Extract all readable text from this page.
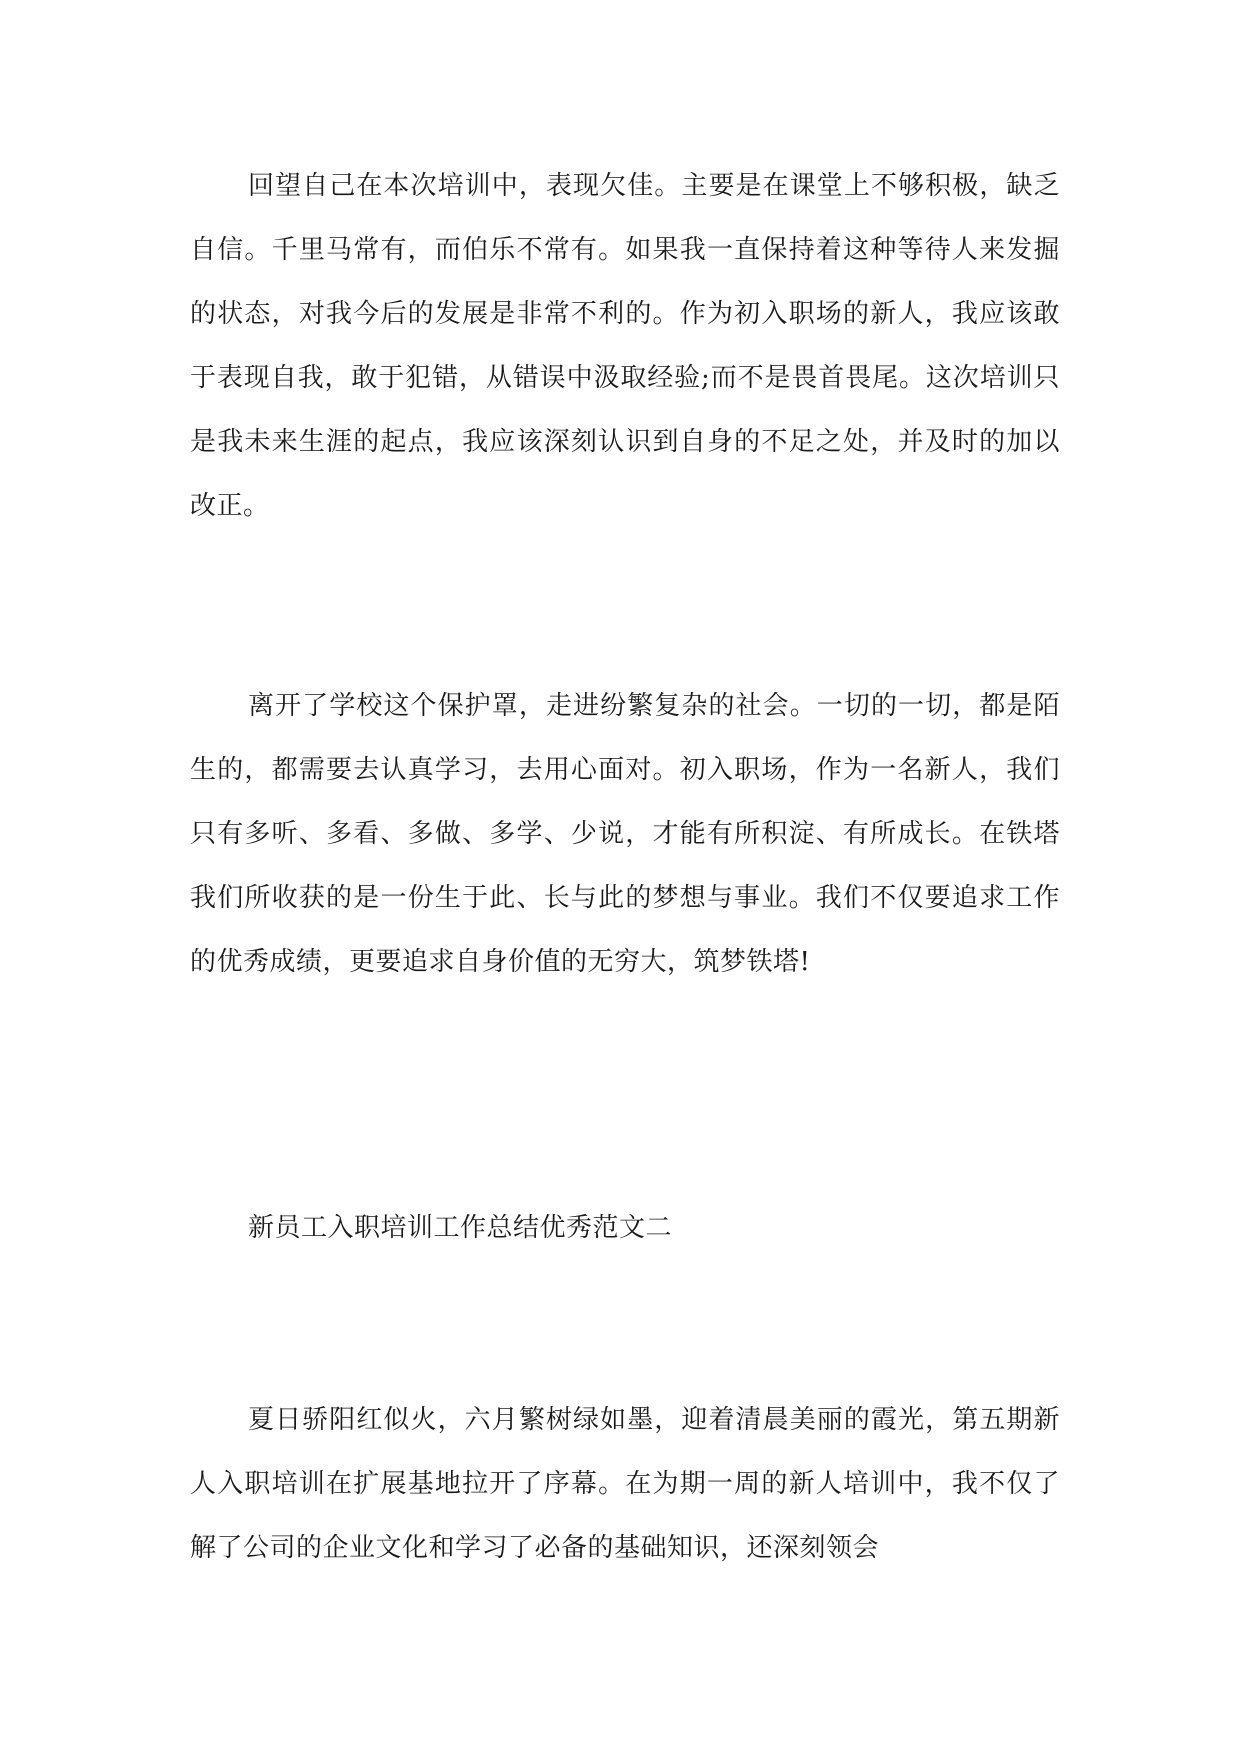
回望自己在本次培训中，表现欠佳。主要是在课堂上不够积极，缺乏自信。千里马常有，而伯乐不常有。如果我一直保持着这种等待人来发掘的状态，对我今后的发展是非常不利的。作为初入职场的新人，我应该敢于表现自我，敢于犯错，从错误中汲取经验;而不是畏首畏尾。这次培训只是我未来生涯的起点，我应该深刻认识到自身的不足之处，并及时的加以改正。

离开了学校这个保护罩，走进纷繁复杂的社会。一切的一切，都是陌生的，都需要去认真学习，去用心面对。初入职场，作为一名新人，我们只有多听、多看、多做、多学、少说，才能有所积淀、有所成长。在铁塔我们所收获的是一份生于此、长与此的梦想与事业。我们不仅要追求工作的优秀成绩，更要追求自身价值的无穷大，筑梦铁塔!

新员工入职培训工作总结优秀范文二

夏日骄阳红似火，六月繁树绿如墨，迎着清晨美丽的霞光，第五期新人入职培训在扩展基地拉开了序幕。在为期一周的新人培训中，我不仅了解了公司的企业文化和学习了必备的基础知识，还深刻领会
